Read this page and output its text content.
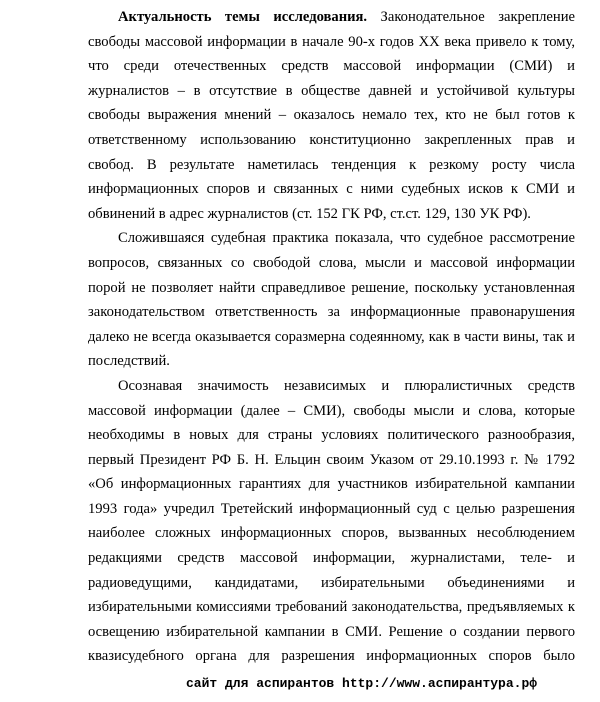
Актуальность темы исследования. Законодательное закрепление
свободы массовой информации в начале 90-х годов XX века привело к тому,
что среди отечественных средств массовой информации (СМИ) и
журналистов – в отсутствие в обществе давней и устойчивой культуры
свободы выражения мнений – оказалось немало тех, кто не был готов к
ответственному использованию конституционно закрепленных прав и
свобод. В результате наметилась тенденция к резкому росту числа
информационных споров и связанных с ними судебных исков к СМИ и
обвинений в адрес журналистов (ст. 152 ГК РФ, ст.ст. 129, 130 УК РФ).
Сложившаяся судебная практика показала, что судебное рассмотрение
вопросов, связанных со свободой слова, мысли и массовой информации
порой не позволяет найти справедливое решение, поскольку установленная
законодательством ответственность за информационные правонарушения
далеко не всегда оказывается соразмерна содеянному, как в части вины, так и
последствий.
Осознавая значимость независимых и плюралистичных средств
массовой информации (далее – СМИ), свободы мысли и слова, которые
необходимы в новых для страны условиях политического разнообразия,
первый Президент РФ Б. Н. Ельцин своим Указом от 29.10.1993 г. № 1792
«Об информационных гарантиях для участников избирательной кампании
1993 года» учредил Третейский информационный суд с целью разрешения
наиболее сложных информационных споров, вызванных несоблюдением
редакциями средств массовой информации, журналистами, теле- и
радиоведущими, кандидатами, избирательными объединениями и
избирательными комиссиями требований законодательства, предъявляемых к
освещению избирательной кампании в СМИ. Решение о создании первого
квазисудебного органа для разрешения информационных споров было
сайт для аспирантов http://www.аспирантура.рф
